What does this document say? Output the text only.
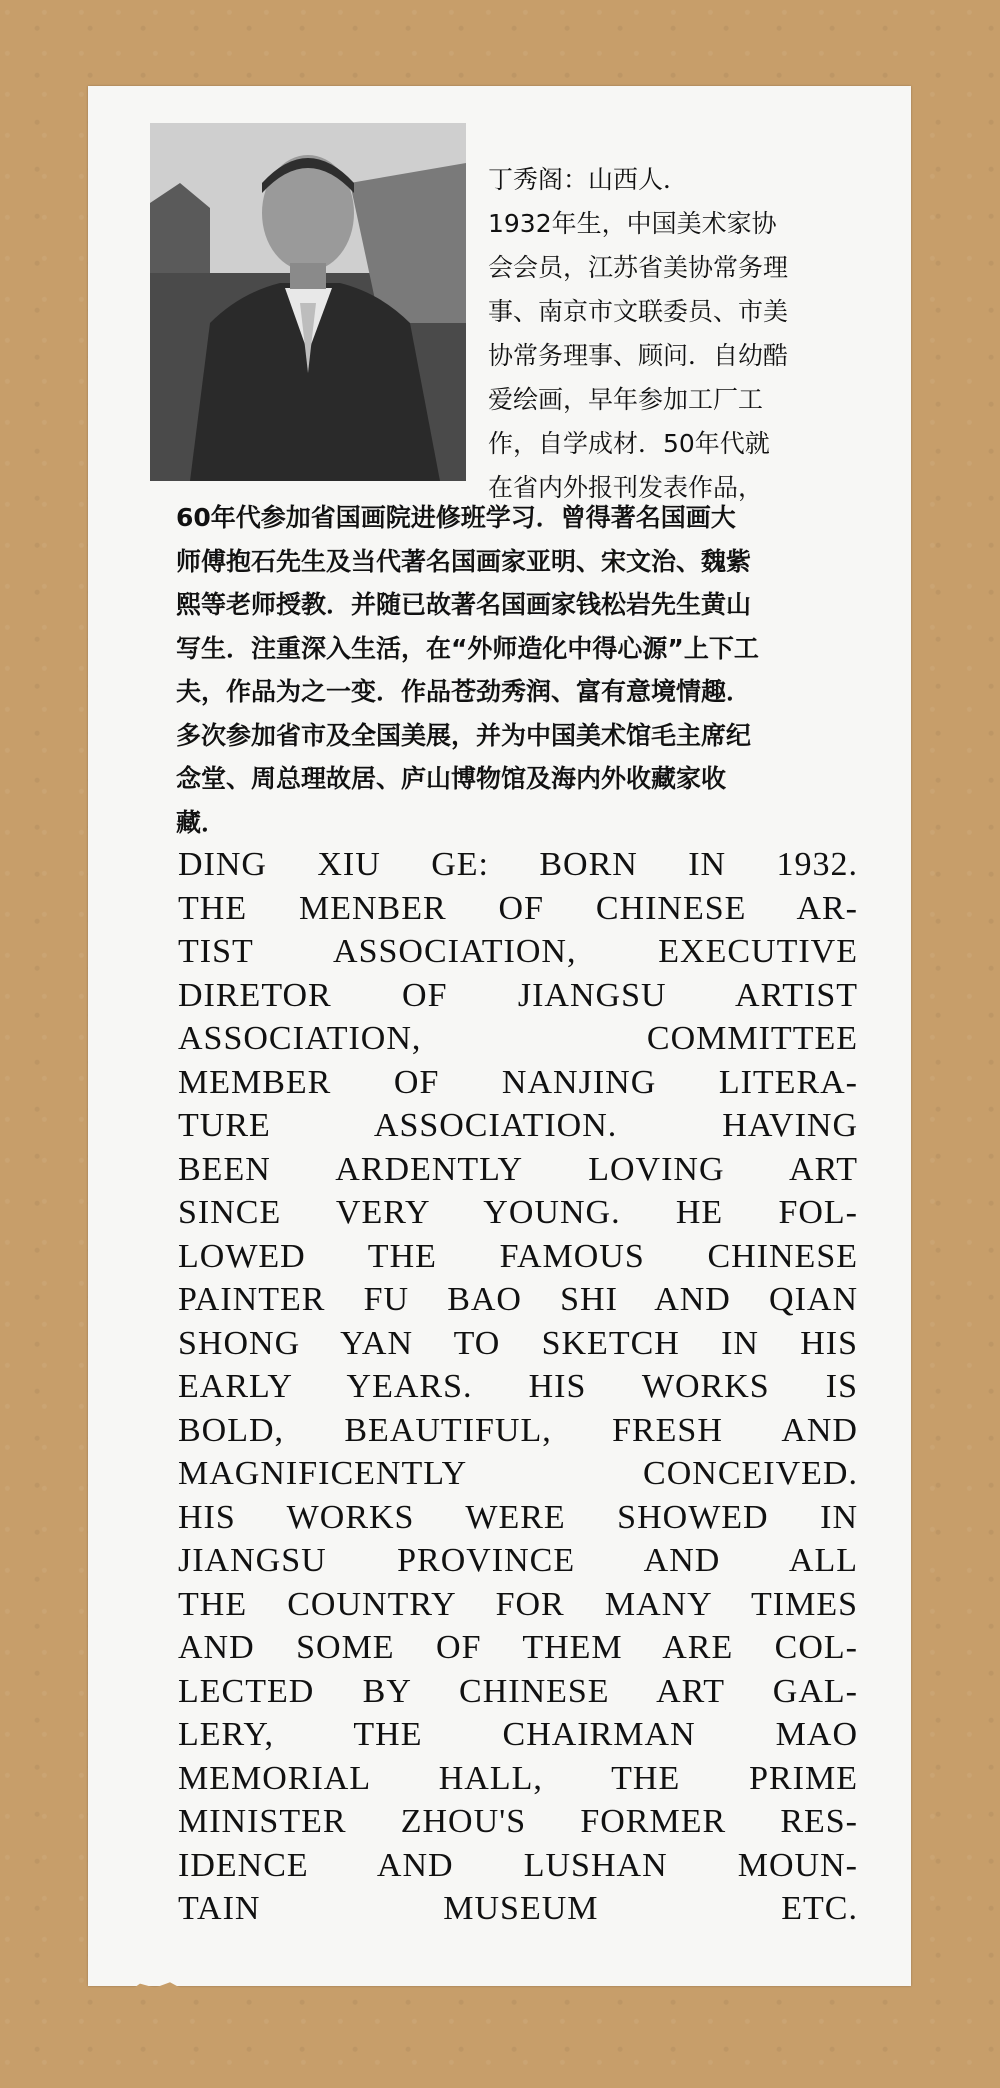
丁秀阁：山西人．
1932年生，中国美术家协
会会员，江苏省美协常务理
事、南京市文联委员、市美
协常务理事、顾问．自幼酷
爱绘画，早年参加工厂工
作，自学成材．50年代就
在省内外报刊发表作品，
60年代参加省国画院进修班学习．曾得著名国画大
师傅抱石先生及当代著名国画家亚明、宋文治、魏紫
熙等老师授教．并随已故著名国画家钱松岩先生黄山
写生．注重深入生活，在“外师造化中得心源”上下工
夫，作品为之一变．作品苍劲秀润、富有意境情趣．
多次参加省市及全国美展，并为中国美术馆毛主席纪
念堂、周总理故居、庐山博物馆及海内外收藏家收
藏．
DING XIU GE: BORN IN 1932.
THE MENBER OF CHINESE AR-
TIST ASSOCIATION, EXECUTIVE
DIRETOR OF JIANGSU ARTIST
ASSOCIATION, COMMITTEE
MEMBER OF NANJING LITERA-
TURE ASSOCIATION. HAVING
BEEN ARDENTLY LOVING ART
SINCE VERY YOUNG. HE FOL-
LOWED THE FAMOUS CHINESE
PAINTER FU BAO SHI AND QIAN
SHONG YAN TO SKETCH IN HIS
EARLY YEARS. HIS WORKS IS
BOLD, BEAUTIFUL, FRESH AND
MAGNIFICENTLY CONCEIVED.
HIS WORKS WERE SHOWED IN
JIANGSU PROVINCE AND ALL
THE COUNTRY FOR MANY TIMES
AND SOME OF THEM ARE COL-
LECTED BY CHINESE ART GAL-
LERY, THE CHAIRMAN MAO
MEMORIAL HALL, THE PRIME
MINISTER ZHOU'S FORMER RES-
IDENCE AND LUSHAN MOUN-
TAIN MUSEUM ETC.
